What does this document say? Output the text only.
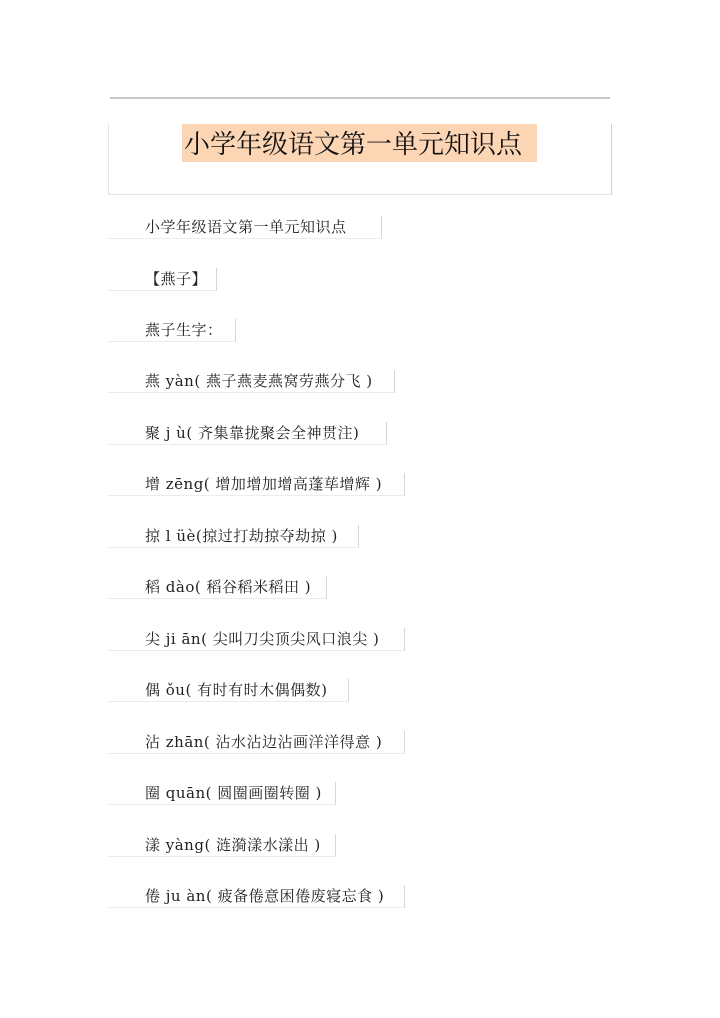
小学年级语文第一单元知识点
小学年级语文第一单元知识点
【燕子】
燕子生字：
燕 yàn( 燕子燕麦燕窝劳燕分飞 )
聚 j ù( 齐集靠拢聚会全神贯注)
增 zēng( 增加增加增高蓬荜增辉 )
掠 l üè(掠过打劫掠夺劫掠 )
稻 dào( 稻谷稻米稻田 )
尖 ji ān( 尖叫刀尖顶尖风口浪尖 )
偶 ǒu( 有时有时木偶偶数)
沾 zhān( 沾水沾边沾画洋洋得意 )
圈 quān( 圆圈画圈转圈 )
漾 yàng( 涟漪漾水漾出 )
倦 ju àn( 疲备倦意困倦废寝忘食 )
